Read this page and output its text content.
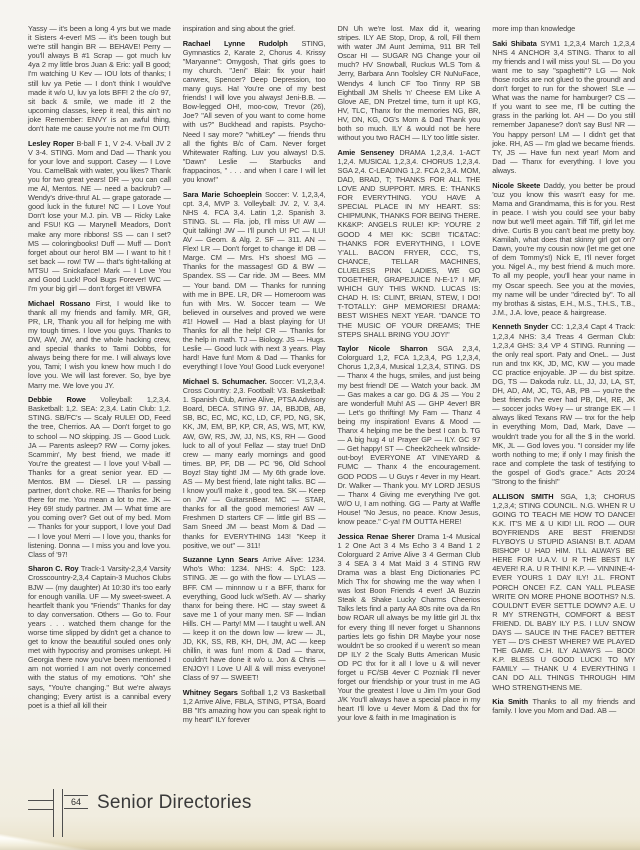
Yassy — it's been a long 4 yrs but we made it Sisters 4-ever! MS — it's been tough but we're still hangin BR — BEHAVE! Perry — you'll always B #1 Scrap — got much luv 4ya 2 my little bros Juan & Eric: yall B good; I'm watching U Kev — IOU lots of thanks; I still luv ya Petie — I don't think I would've made it w/o U, luv ya lots BFF! 2 the c/o 97, sit back & smile, we made it! 2 the upcoming classes, keep it real, this ain't no joke Remember: ENVY is an awful thing, don't hate me cause you're not me I'm OUT!

Lesley Roper B-ball F 1, V 2-4. V-ball JV 2 V 3-4. STING. Mom and Dad — Thank you for your love and support. Casey — I Love You. CamelBak with water, you likes? Thank you for two great years! DR — you can call me Al, Mentos. NE — need a backrub? — Wendy's drive-thru! AL — grape gatorade — good luck in the future! NC — I Love You! Don't lose your M.J. pin. VB — Ricky Lake and FSU! KG — Marynell Meadors, Don't make any more ribbons! SS — can I set? MS — coloringbooks! Duff — Muff — Don't forget about our hero! BM — I want to hit ! set back — row! TW — that's tight-talking at MTSU — Snickaface! Mark — I Love You and Good Luck! Pool Bugs Forever! WC — I'm your big girl — don't forget it!! VBWFA

Michael Rossano First, I would like to thank all my friends and family. MR, GR, PR, LR, Thank you all for helping me with my tough times. I love you guys. Thanks to DW, AW, JW, and the whole hacking crew, and special thanks to Tami Dobbs, for always being there for me. I will always love you, Tami; I wish you knew how much I do love you. We will last forever. So, bye bye Marry me. We love you JY.

Debbie Rowe Volleyball: 1,2,3,4. Basketball: 1,2. SEA: 2,3,4. Latin Club: 1,2. STING. SB/FC's — Scaly RULE! OD, Feed the tree, Cherrios. AA — Don't forget to go to school — NO skipping. JS — Good Luck. JA — Parents asleep? RW — Corny jokes. Scammin', My best friend, we made it! You're the greatest — I love you! V-ball — Thanks for a great senior year. ED — Mentos. BM — Diesel. LR — passing partner, don't choke. RE — Thanks for being there for me. You mean a lot to me. JK — Hey 69! study partner. JM — What time are you coming over? Get out of my bed. Mom — Thanks for your support, I love you! Dad — I love you! Merri — I love you, thanks for listening. Donna — I miss you and love you. Class of '97!

Sharon C. Roy Track-1 Varsity-2,3,4 Varsity Crosscountry-2,3,4 Captain-3 Muchos Clubs BJW — (my daughter) At 10:30 it's too early for enough vanilla. UF — My sweet-sweet. A heartfelt thank you "Friends" Thanks for day to day conversation. Others — Go to. Four years . . . watched them change for the worse time slipped by didn't get a chance to get to know the beautiful souled ones only met with hypocrisy and promises unkept. Hi Georgia there now you've been mentioned I am not worried I am not overly concerned with the status of my emotions. "Oh" she says, "You're changing." But we're always changing; Every artist is a cannibal every poet is a thief all kill their

inspiration and sing about the grief.

Rachael Lynne Rudolph STING, Gymnastics 2, Karate 2, Chorus 4. Krissy "Maryanne": Omygosh, That girls goes to my church. "Jeni" Blair: fix your hair! carwrex, Spencer? Deep Depression, too many guys. Ha! You're one of my best friends! I will love you always! Jeni-B.B. — Bow-legged OH!, moo-cow, Trevor (26), Joe? "All seven of you want to come home with us?" Buckhead and rapists. Psycho-Need I say more? "whitLey" — friends thru all the fights B/c of Cam. Never forget Whitewater Rafting. Luv you always! D.S. "Dawn" Leslie — Starbucks and frappacinos, " . . . and when I care I will let you know!"

Sara Marie Schoeplein Soccer: V. 1,2,3,4, cpt. 3,4, MVP 3. Volleyball: JV. 2, V. 3,4. NHS 4. FCA 3,4. Latin 1,2. Spanish 3. STING. SL — Fla. job, I'll miss U! AW — Quit talking! JW — I'll punch U! PC — ILU! AV — Geom. & Alg. 2. SF — 311. AN — Flex! LR — Don't forget to change it! DB — Marge. CM — Mrs. H's shoes! MG — Thanks for the massages! GD & BW — Spandex. SS — Car ride. JM — Bees. MM — Your band. DM — Thanks for running with me in BPE. LR, DR — Homeroom was fun with Mrs. W. Soccer team — We believed in ourselves and proved we were #1! Howell — Had a blast playing for U! Thanks for all the help! CR — Thanks for the help in math. TJ — Biology. JS — Hugs. Leslie — Good luck with next 3 years. Play hard! Have fun! Mom & Dad — Thanks for everything! I love You! Good Luck everyone!

Michael S. Schumacher. Soccer: V1,2,3,4. Cross Country: 2,3. Football: V3. Basketball: 1. Spanish Club, Arrive Alive, PTSA Advisory Board, DECA. STING 97. JA, BBJDB, AB, SB, BC, EC, MC, KC, LD, CF, PD, NG, SK, KK, JM, EM, BP, KP, CR, AS, WS, MT, KW, AW, GW, RS, JW, JJ, NS, KS, RH — Good luck to all of you! Fellaz — stay true! DnD crew — many early mornings and good times. BP, PF, DB — PC '96, Old School Boyz! Stay tight! JM — My 6th grade love. AS — My best friend, late night talks. BC — I know you'll make it , good tea. SK — Keep on JW — GuitarsnBear. MC — STAR, thanks for all the good memories! AW — Freshmen D starters CF — little girl BS — Sam Sneed JM — beast Mom & Dad — thanks for EVERYTHING 143! "Keep it positive, we out" — 311!

Suzanne Lynn Sears Arrive Alive: 1234. Who's Who: 1234. NHS: 4. SpC: 123. STING. JE — go with the flow — LYLAS — BFF. CM — minnnow u r a BFF, thanx for everything, Good luck w/Seth. AV — sharky thanx for being there. HC — stay sweet & save me 1 of your many men. SF — Indian Hills. CH — Party! MM — I taught u well. AN — keep it on the down low — krew — JL, JD, KK, SS, RB, KH, DH, JM, AC — keep chillin, it was fun! mom & Dad — thanx, couldn't have done it w/o u. Jon & Chris — ENJOY! I Love U All & will miss everyone! Class of 97 — SWEET!

Whitney Segars Softball 1,2 V3 Basketball 1,2 Arrive Alive, FBLA, STING, PTSA, Board BB "It's amazing how you can speak right to my heart" ILY forever

DN Uh we're lost. Max did it, wearing stripes. ILY AE Stop, Drop, & roll, Fill them with water JM Aunt Jemima, 911 BR Tell Oscar HI — SUGAR NG Change your oil much? HV Snowball, Ruckus WLS Tom & Jerry, Barbara Ann Toolsley CR NuNuFace, Wendys 4 lunch CF Too Tinny RP SB Eightball JM Shells 'n' Cheese EM Like A Glove AE, DN Pretzel time, turn it up! KG, HV, TLC, Thanx for the memories NG, BR, HV, DN, KG, OG's Mom & Dad Thank you both so much. ILY & would not be here without you two RACH — ILY too little sister.

Amie Senseney DRAMA 1,2,3,4. 1-ACT 1,2,4. MUSICAL 1,2,3,4. CHORUS 1,2,3,4. SGA 2,4. C-LEADING 1,2. FCA 2,3,4. MOM, DAD, BRAD, T; THANKS FOR ALL THE LOVE AND SUPPORT. MRS. E: THANKS FOR EVERYTHING. YOU HAVE A SPECIAL PLACE IN MY HEART. SS: CHIPMUNK, THANKS FOR BEING THERE. KK&KP: ANGELS RULE! KP: YOU'RE 2 GOOD 4 ME! KK: SCB!! TIC&TAC: THANKS FOR EVERYTHING, I LOVE Y'ALL. BACON FRYER, CCC, T'S, CHANCE, TELLAR MACHINES, CLUELESS PINK LADIES, WE GO TOGETHER, GRAPEJUICE N-E-1? I MF, WHICH GUY THIS WKND. LUCAS IS: CHAD H. IS: CLINT, BRIAN, STEW, I DO! T-TOTALLY: GHP MEMORIES! DRAMA: BEST WISHES NEXT YEAR. "DANCE TO THE MUSIC OF YOUR DREAMS; THE STEPS SHALL BRING YOU JOY!"

Taylor Nicole Sharron SGA 2,3,4, Colorguard 1,2, FCA 1,2,3,4, PG 1,2,3,4, Chorus 1,2,3,4, Musical 1,2,3,4, STING. DS — Thanx 4 the hugs, smiles, and just being my best friend! DE — Watch your back. JM — Gas makes a car go. DG & JS — You 2 are wonderful! Muh! AS — GHP 4ever! BR — Let's go thrifting! My Fam — Thanz 4 being my inspiration! Evans & Mood — Thanx 4 helping me be the best I can b. TG — A big hug 4 u! Prayer GP — ILY. GC 97 — Get happy! ST — Cheek2cheek w/Inside-out-boy! EVERYONE AT VINEYARD & FUMC — Thanx 4 the encouragement. GOD PODS — U Guys r 4ever in my Heart. Dr. Walker — Thank you. MY LORD JESUS — Thanx 4 Giving me everything I've got. W/O U, I am nothing. GG — Party at Waffle House! "No Jesus, no peace. Know Jesus, know peace." C-ya! I'M OUTTA HERE!

Jessica Renae Sherer Drama 1-4 Musical 1 2 One Act 3 4 Ms Echo 3 4 Band 1 2 Colorguard 2 Arrive Alive 3 4 German Club 3 4 SEA 3 4 Mat Maid 3 4 STING RW Drama was a blast Eng Dictionaries PC Mich Thx for showing me the way when I was lost Boon Friends 4 ever! JA Buzzin Steak & Shake Lucky Charms Cheerios Talks lets find a party AA 80s nite ova da Rn bow ROAR ull always be my little girl JL thx for every thing Ill never forget u Shannons parties lets go fishin DR Maybe your nose wouldn't be so crooked if u weren't so mean DP ILY 2 the Scaly Butts American Music OD PC thx for it all I love u & will never forget u FC/SB 4ever C Pozniak I'll never forget our friendship or your trust in me AG Your the greatest I love u Jim I'm your God J/K You'll always have a special place in my heart I'll love u 4ever Mom & Dad thx for your love & faith in me Imagination is

more imp than knowledge

Saki Shibata SYM1 1,2,3,4 March 1,2,3,4 NHS 4 ANCHOR 3,4 STING. Thanx to all my friends and I will miss you! SL — Do you want me to say "spaghetti"? LG — Nok those rocks are not glued to the ground! and don't forget to run for the shower! SLe — What was the name for hamburger? CS — If you want to see me, I'll be cutting the grass in the parking lot. AH — Do you still remember Japanese? don't say Bus! NR — You happy person! LM — I didn't get that joke. RH, AS — I'm glad we became friends. TY, JS — Have fun next year! Mom and Dad — Thanx for everything. I love you always.

Nicole Skeete Daddy, you better be proud 'cuz you know this wasn't easy for me. Mama and Grandmama, this is for you. Rest in peace. I wish you could see your baby now but we'll meet again. Tiff Tiff, girl let me drive. Curtis B you can't beat me pretty boy. Kamilah, what does that skinny girl got on? Dawn, you're my cousin now (let me get one of dem Tommy's!) Nick E, I'll never forget you. Nigel A., my best friend & much more. To all my people, you'll hear your name in my Oscar speech. See you at the movies, my name will be under "directed by". To all my brothas & sistas, E.H., M.S., T.H.S., T.B., J.M., J.A. love, peace & hairgrease.

Kenneth Snyder CC: 1,2,3,4 Capt 4 Track: 1,2,3,4 NHS: 3,4 Treas 4 German Club: 1,2,3,4 GHS: 3,4 VP 4 STING. Running — the only real sport. Paty and OneL. — Just run and tnx KK, JD, MC, KW — you made CC practice enjoyable. JP — du bist spitze. DG, TS — Dakoda rulz. LL, JJ, JJ, LA, ST, DH, AD, AM, JC, TG, AB, PB — you're the best friends I've ever had PB, DH, RE, JK — soccer jocks Wo+y — ur strange EK — I always liked Texans RW — tnx for the help in everything Mom, Dad, Mark, Dave — wouldn't trade you for all the $ in the world. MK, JL — God loves you. "I consider my life worth nothing to me; if only I may finish the race and complete the task of testifying to the gospel of God's grace." Acts 20:24 "Strong to the finish!"

ALLISON SMITH SGA, 1,3; CHORUS 1,2,3,4; STING COUNCIL. N.G. WHEN R U GOING TO TEACH ME HOW TO DANCE! K.K. IT'S ME & U KID! LIL ROO — OUR BOYFRIENDS ARE BEST FRIENDS! FLYBOYS U STUPID ASIANS! B.T. ADAM BISHOP U HAD HIM. I'LL ALWAYS BE HERE FOR U.A.V. U R THE BEST ILY 4EVER! R.A. U R THIN! K.P. — VINNINE-4-EVER YOURS 1 DAY ILY! J.L. FRONT PORCH ONCE! F.Z. CAN YALL PLEASE WRITE ON MORE PHONE BOOTHS? N.S. COULDN'T EVER SETTLE DOWN? A.E. U R MY STRENGTH, COMFORT & BEST FRIEND. DL BABY ILY P.S. I LUV SNOW DAYS — SAUCE IN THE FACE? BETTER YET — D'S CHEST WHERE? WE PLAYED THE GAME. C.H. ILY ALWAYS — BOO! K.P. BLESS U GOOD LUCK! TO MY FAMILY — THANK U 4 EVERYTHING I CAN DO ALL THINGS THROUGH HIM WHO STRENGTHENS ME.

Kia Smith Thanks to all my friends and family. I love you Mom and Dad. AB —

64 Senior Directories
